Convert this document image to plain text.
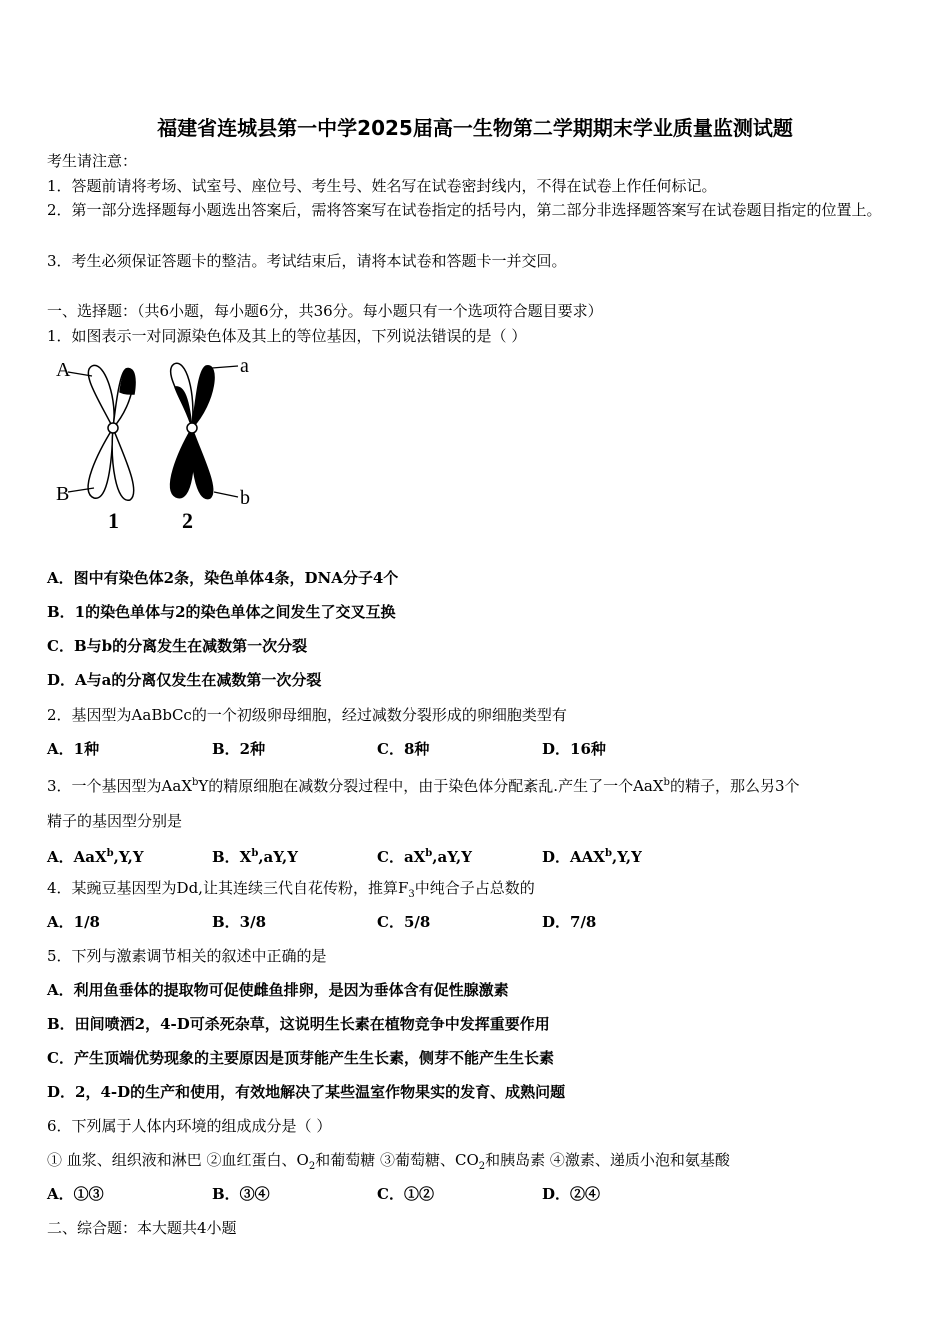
福建省连城县第一中学2025届高一生物第二学期期末学业质量监测试题
考生请注意：
1．答题前请将考场、试室号、座位号、考生号、姓名写在试卷密封线内，不得在试卷上作任何标记。
2．第一部分选择题每小题选出答案后，需将答案写在试卷指定的括号内，第二部分非选择题答案写在试卷题目指定的位置上。
3．考生必须保证答题卡的整洁。考试结束后，请将本试卷和答题卡一并交回。
一、选择题：（共6小题，每小题6分，共36分。每小题只有一个选项符合题目要求）
1．如图表示一对同源染色体及其上的等位基因，下列说法错误的是（ ）
A	a
B	b
1	2
A．图中有染色体2条，染色单体4条，DNA分子4个
B．1的染色单体与2的染色单体之间发生了交叉互换
C．B与b的分离发生在减数第一次分裂
D．A与a的分离仅发生在减数第一次分裂
2．基因型为AaBbCc的一个初级卵母细胞，经过减数分裂形成的卵细胞类型有
A．1种	B．2种	C．8种	D．16种
3．一个基因型为AaX$^b$Y的精原细胞在减数分裂过程中，由于染色体分配紊乱.产生了一个AaX$^b$的精子，那么另3个
精子的基因型分别是
A．AaX$^b$,Y,Y	B．$X^b,aY,Y$	C．$aX^b,aY,Y$	D．AAX$^b$,Y,Y
4．某豌豆基因型为Dd,让其连续三代自花传粉，推算$F_3$中纯合子占总数的
A．1/8	B．3/8	C．5/8	D．7/8
5．下列与激素调节相关的叙述中正确的是
A．利用鱼垂体的提取物可促使雌鱼排卵，是因为垂体含有促性腺激素
B．田间喷洒2，4-D可杀死杂草，这说明生长素在植物竞争中发挥重要作用
C．产生顶端优势现象的主要原因是顶芽能产生生长素，侧芽不能产生生长素
D．2，4-D的生产和使用，有效地解决了某些温室作物果实的发育、成熟问题
6．下列属于人体内环境的组成成分是（ ）
① 血浆、组织液和淋巴 ②血红蛋白、$O_2$和葡萄糖 ③葡萄糖、$CO_2$和胰岛素 ④激素、递质小泡和氨基酸
A．①③	B．③④	C．①②	D．②④
二、综合题：本大题共4小题
